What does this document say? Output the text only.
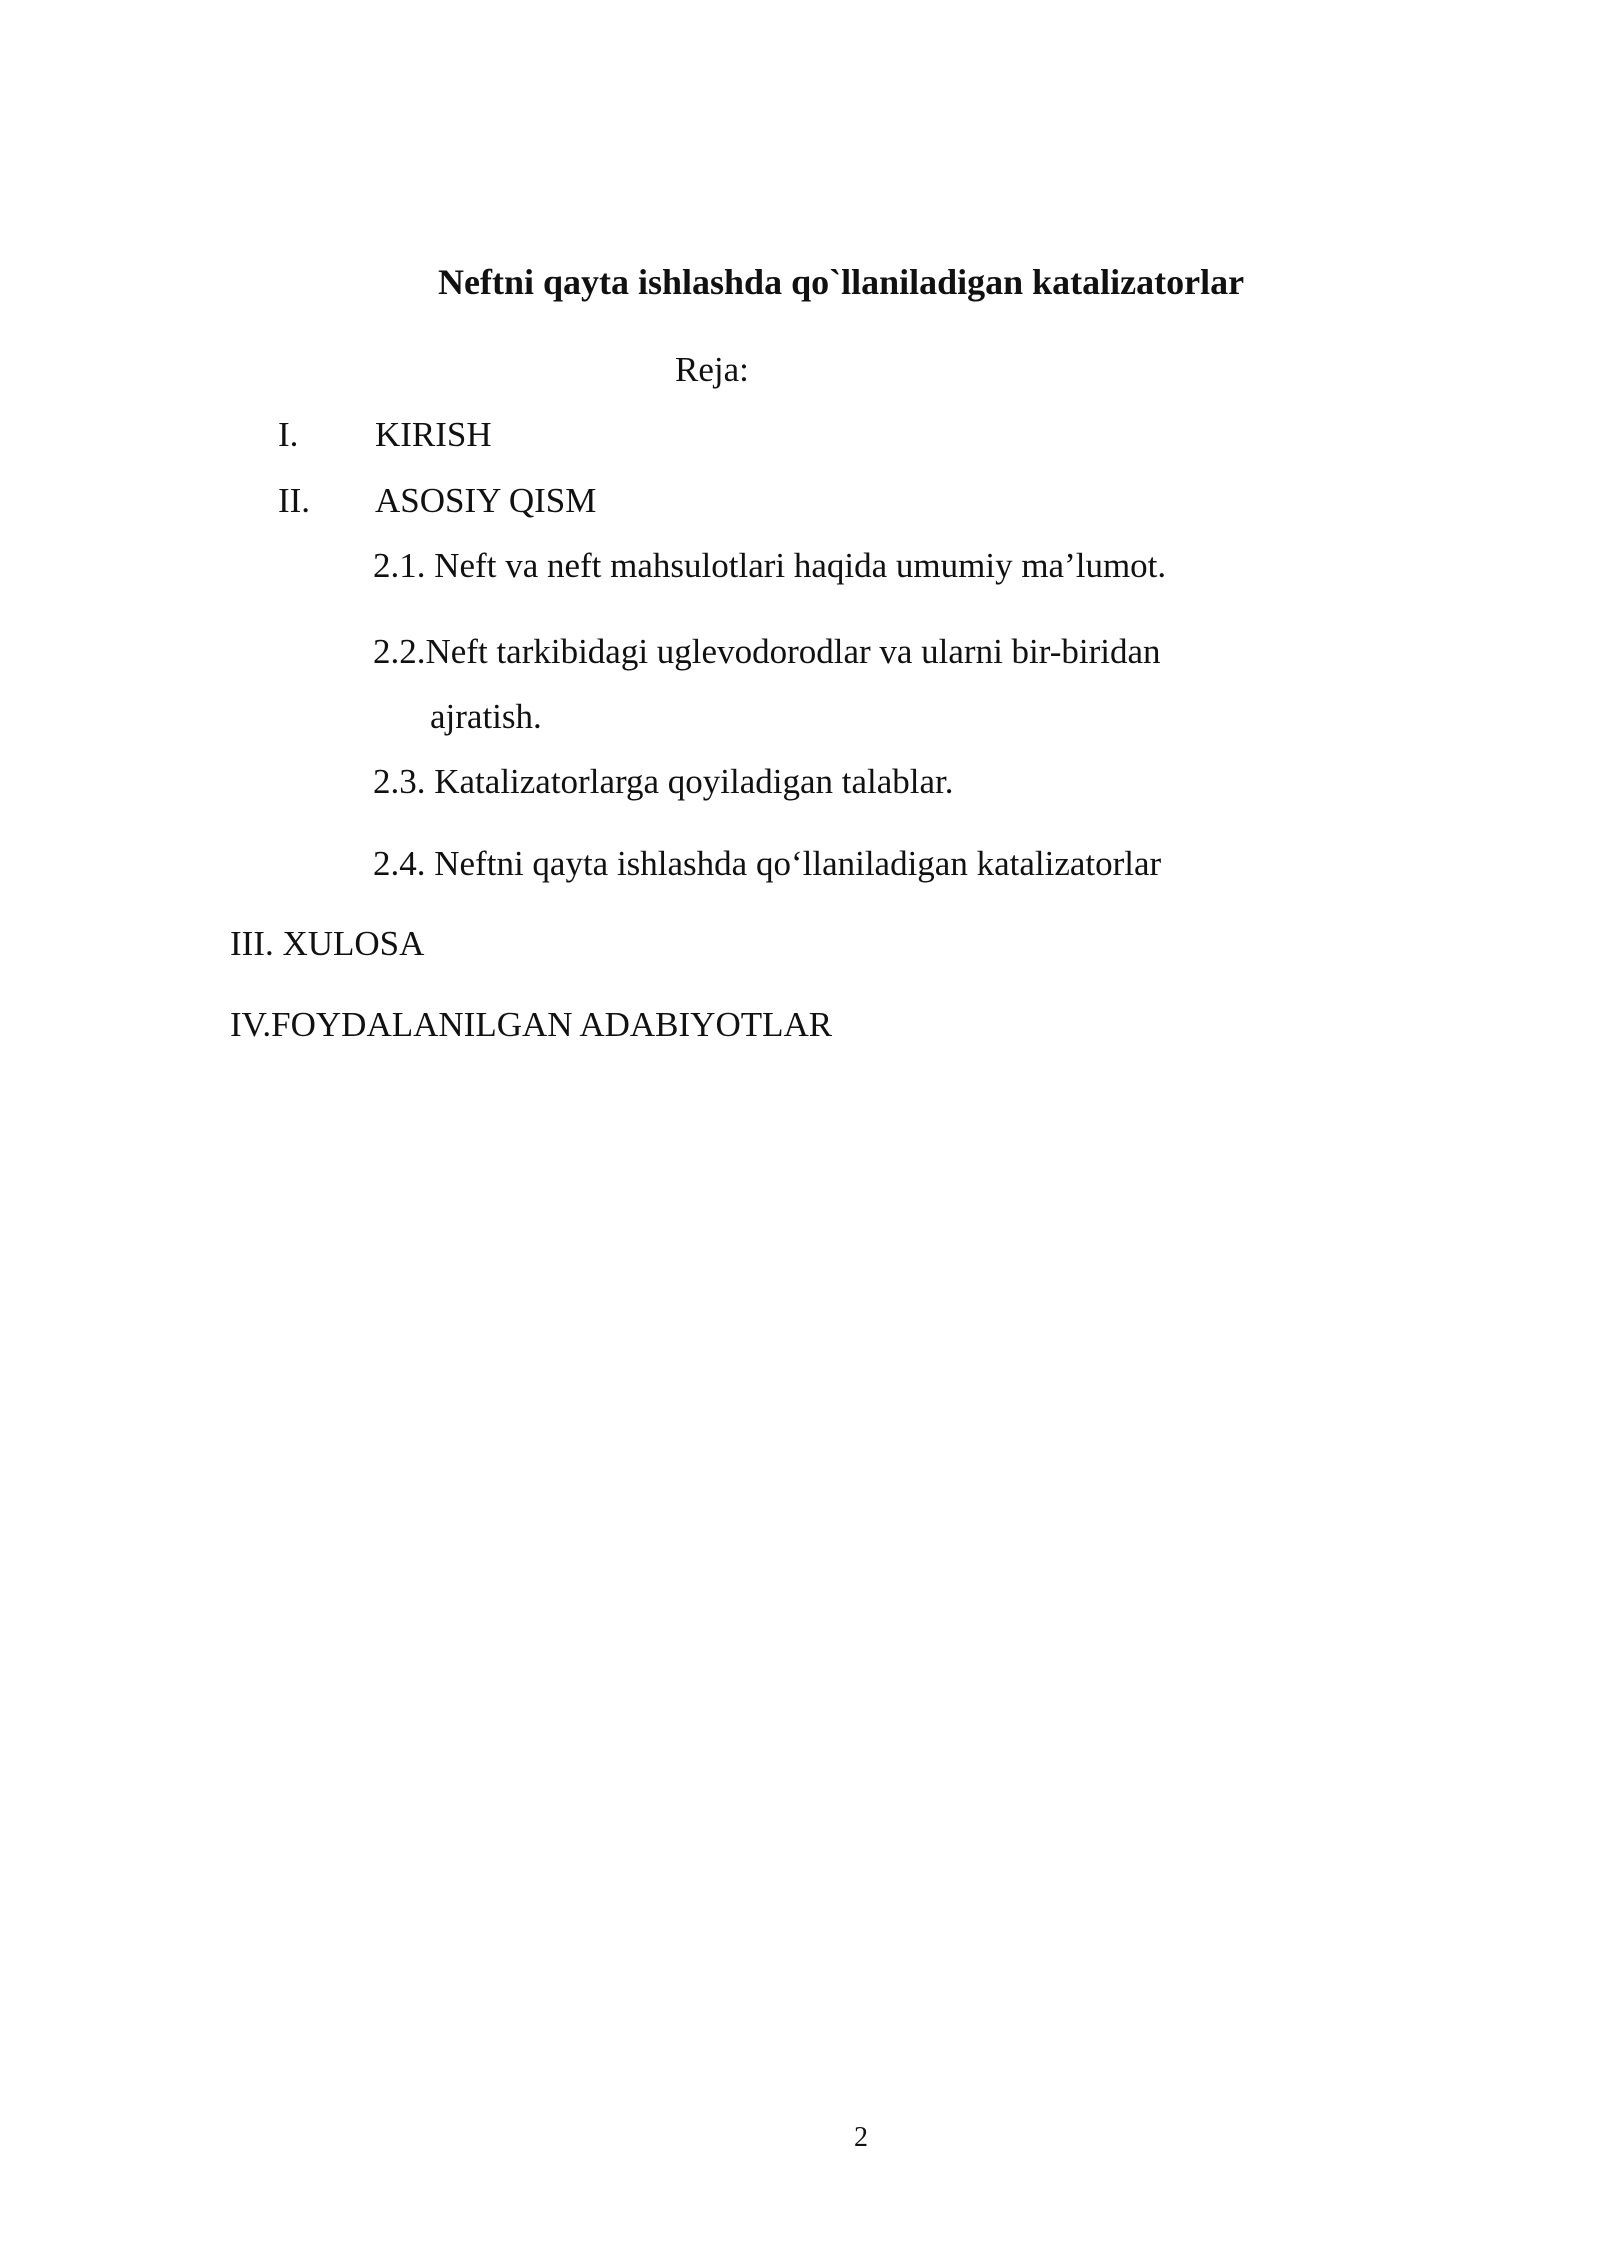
Neftni qayta ishlashda qo`llaniladigan katalizatorlar
Reja:
I. KIRISH
II. ASOSIY QISM
2.1. Neft va neft mahsulotlari haqida umumiy ma’lumot.
2.2.Neft tarkibidagi uglevodorodlar va ularni bir-biridan
ajratish.
2.3. Katalizatorlarga qoyiladigan talablar.
2.4. Neftni qayta ishlashda qo‘llaniladigan katalizatorlar
III. XULOSA
IV.FOYDALANILGAN ADABIYOTLAR
2
